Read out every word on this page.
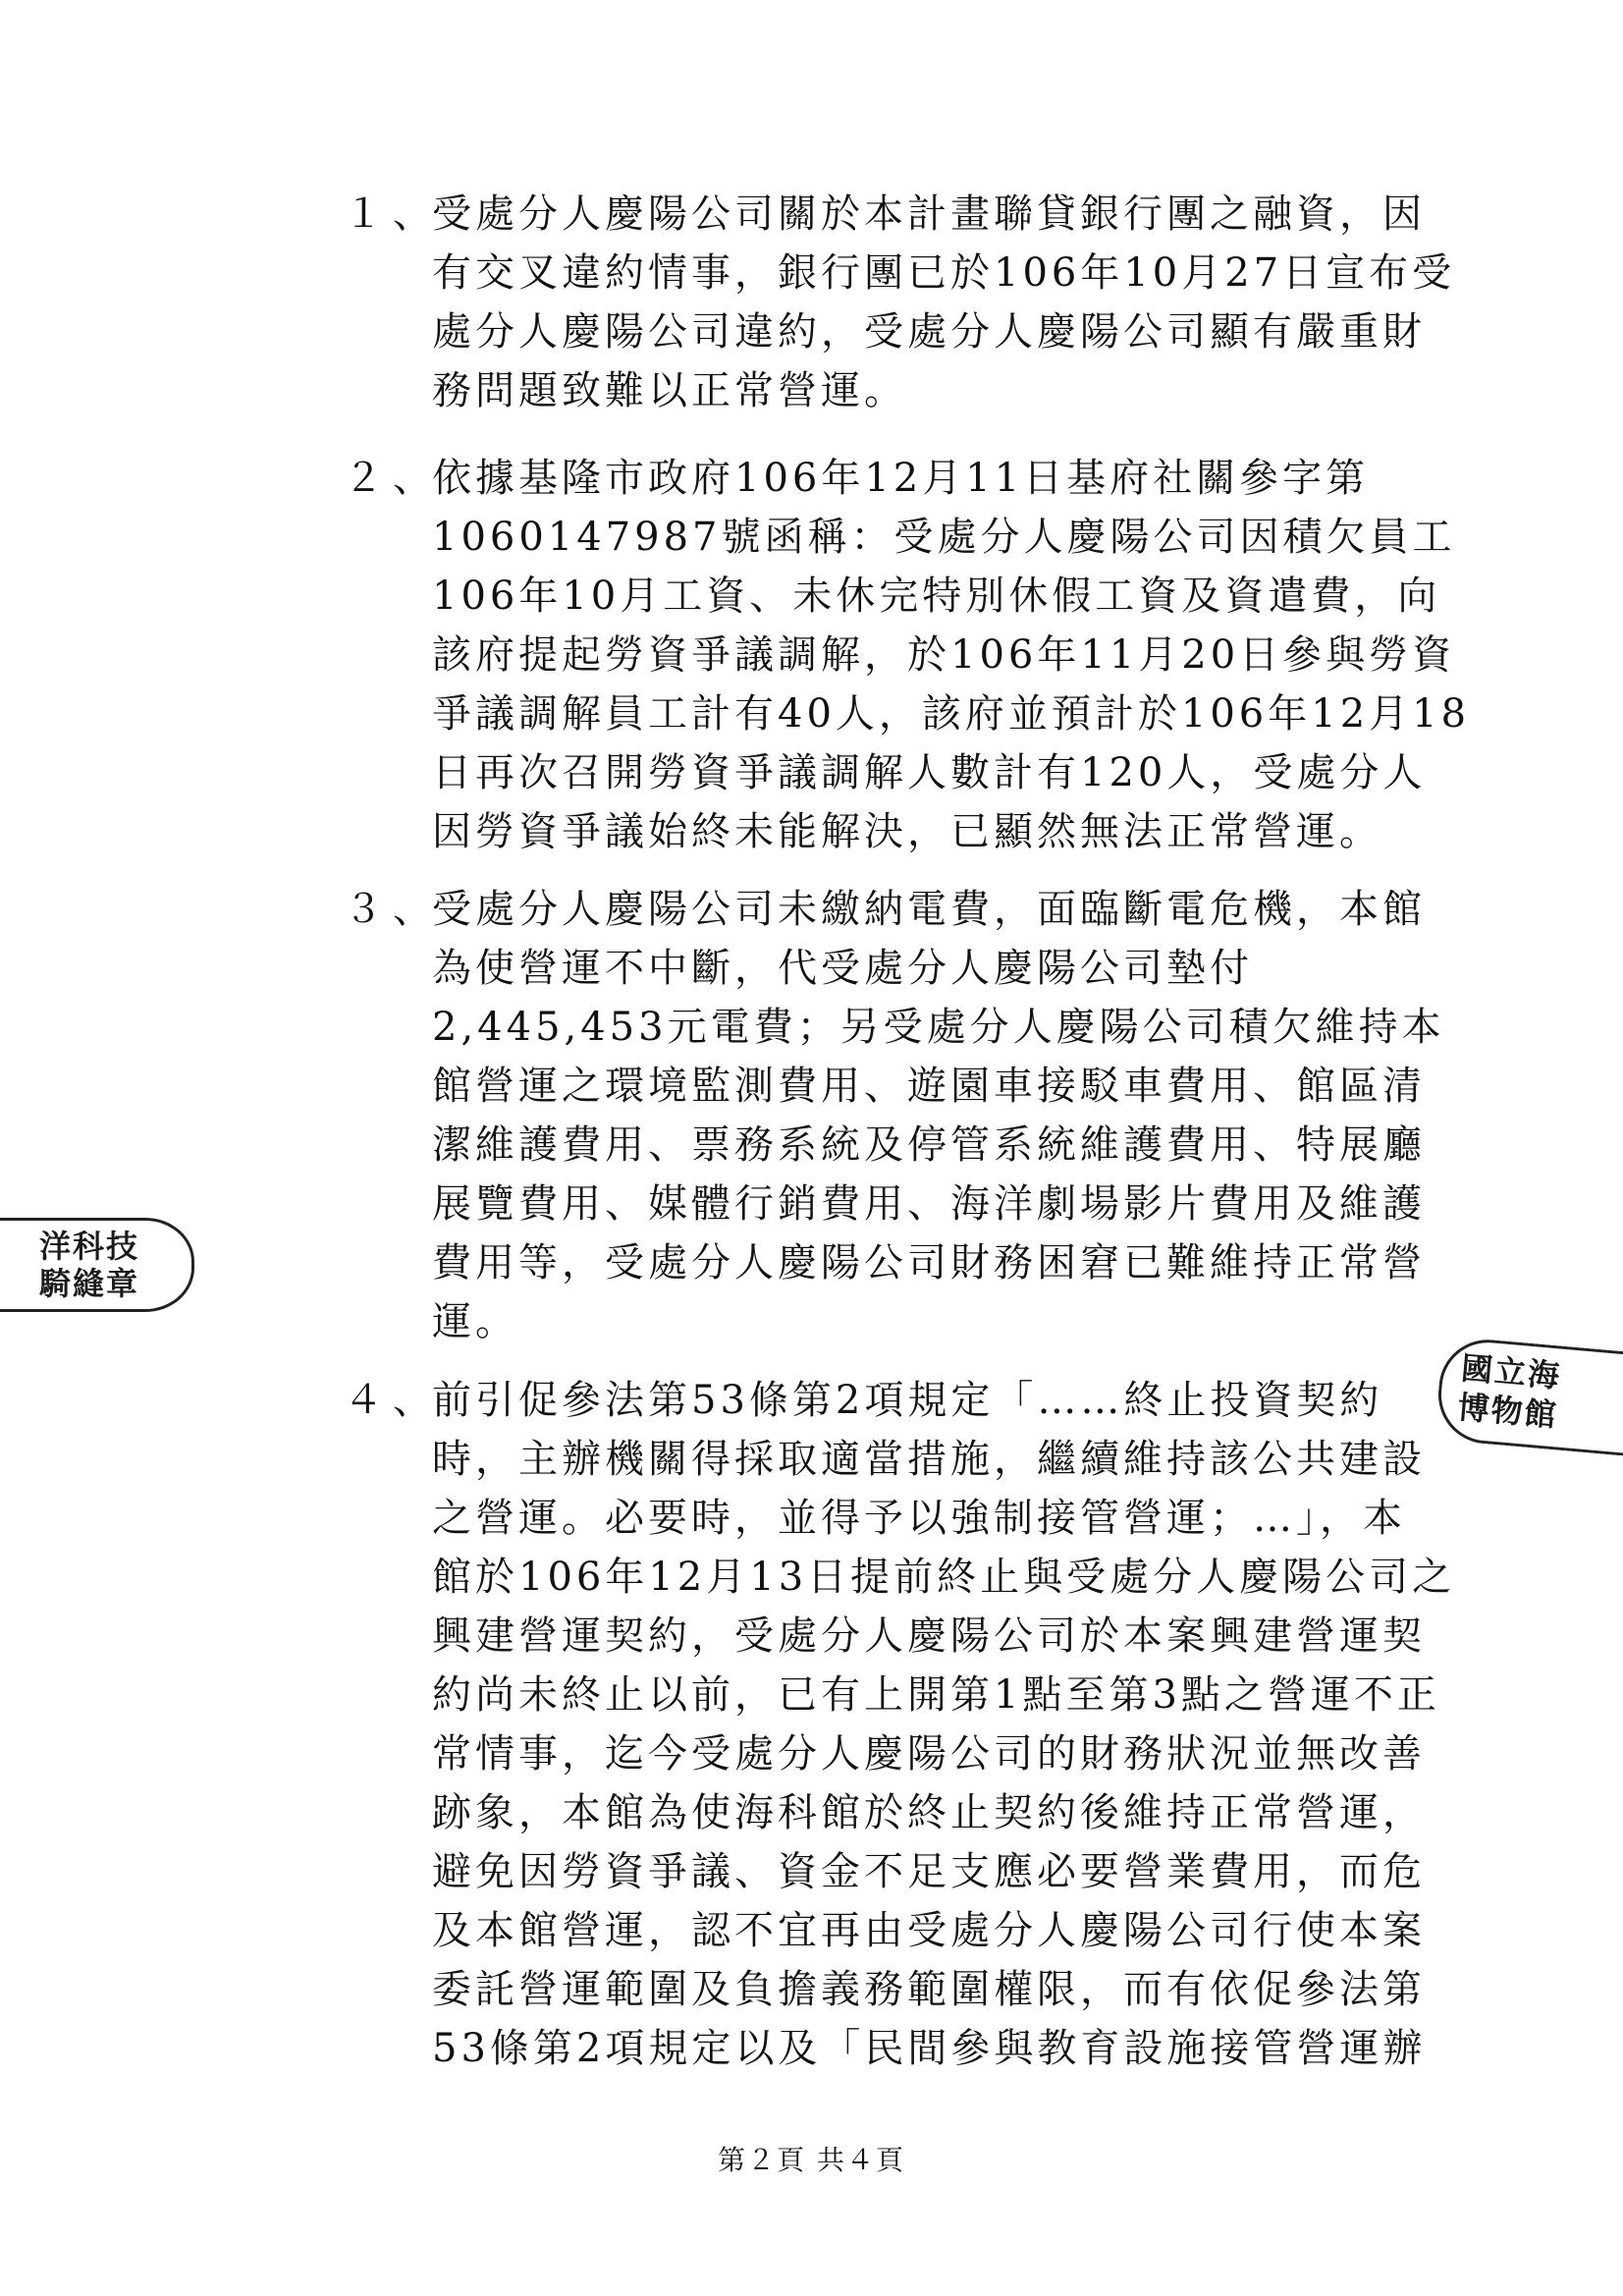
１、
受處分人慶陽公司關於本計畫聯貸銀行團之融資，因
有交叉違約情事，銀行團已於106年10月27日宣布受
處分人慶陽公司違約，受處分人慶陽公司顯有嚴重財
務問題致難以正常營運。
２、
依據基隆市政府106年12月11日基府社關參字第
1060147987號函稱：受處分人慶陽公司因積欠員工
106年10月工資、未休完特別休假工資及資遣費，向
該府提起勞資爭議調解，於106年11月20日參與勞資
爭議調解員工計有40人，該府並預計於106年12月18
日再次召開勞資爭議調解人數計有120人，受處分人
因勞資爭議始終未能解決，已顯然無法正常營運。
３、
受處分人慶陽公司未繳納電費，面臨斷電危機，本館
為使營運不中斷，代受處分人慶陽公司墊付
2,445,453元電費；另受處分人慶陽公司積欠維持本
館營運之環境監測費用、遊園車接駁車費用、館區清
潔維護費用、票務系統及停管系統維護費用、特展廳
展覽費用、媒體行銷費用、海洋劇場影片費用及維護
費用等，受處分人慶陽公司財務困窘已難維持正常營
運。
４、
前引促參法第53條第2項規定「……終止投資契約
時，主辦機關得採取適當措施，繼續維持該公共建設
之營運。必要時，並得予以強制接管營運；…」，本
館於106年12月13日提前終止與受處分人慶陽公司之
興建營運契約，受處分人慶陽公司於本案興建營運契
約尚未終止以前，已有上開第1點至第3點之營運不正
常情事，迄今受處分人慶陽公司的財務狀況並無改善
跡象，本館為使海科館於終止契約後維持正常營運，
避免因勞資爭議、資金不足支應必要營業費用，而危
及本館營運，認不宜再由受處分人慶陽公司行使本案
委託營運範圍及負擔義務範圍權限，而有依促參法第
53條第2項規定以及「民間參與教育設施接管營運辦
洋科技
騎縫章
國立海
博物館
第２頁 共４頁
